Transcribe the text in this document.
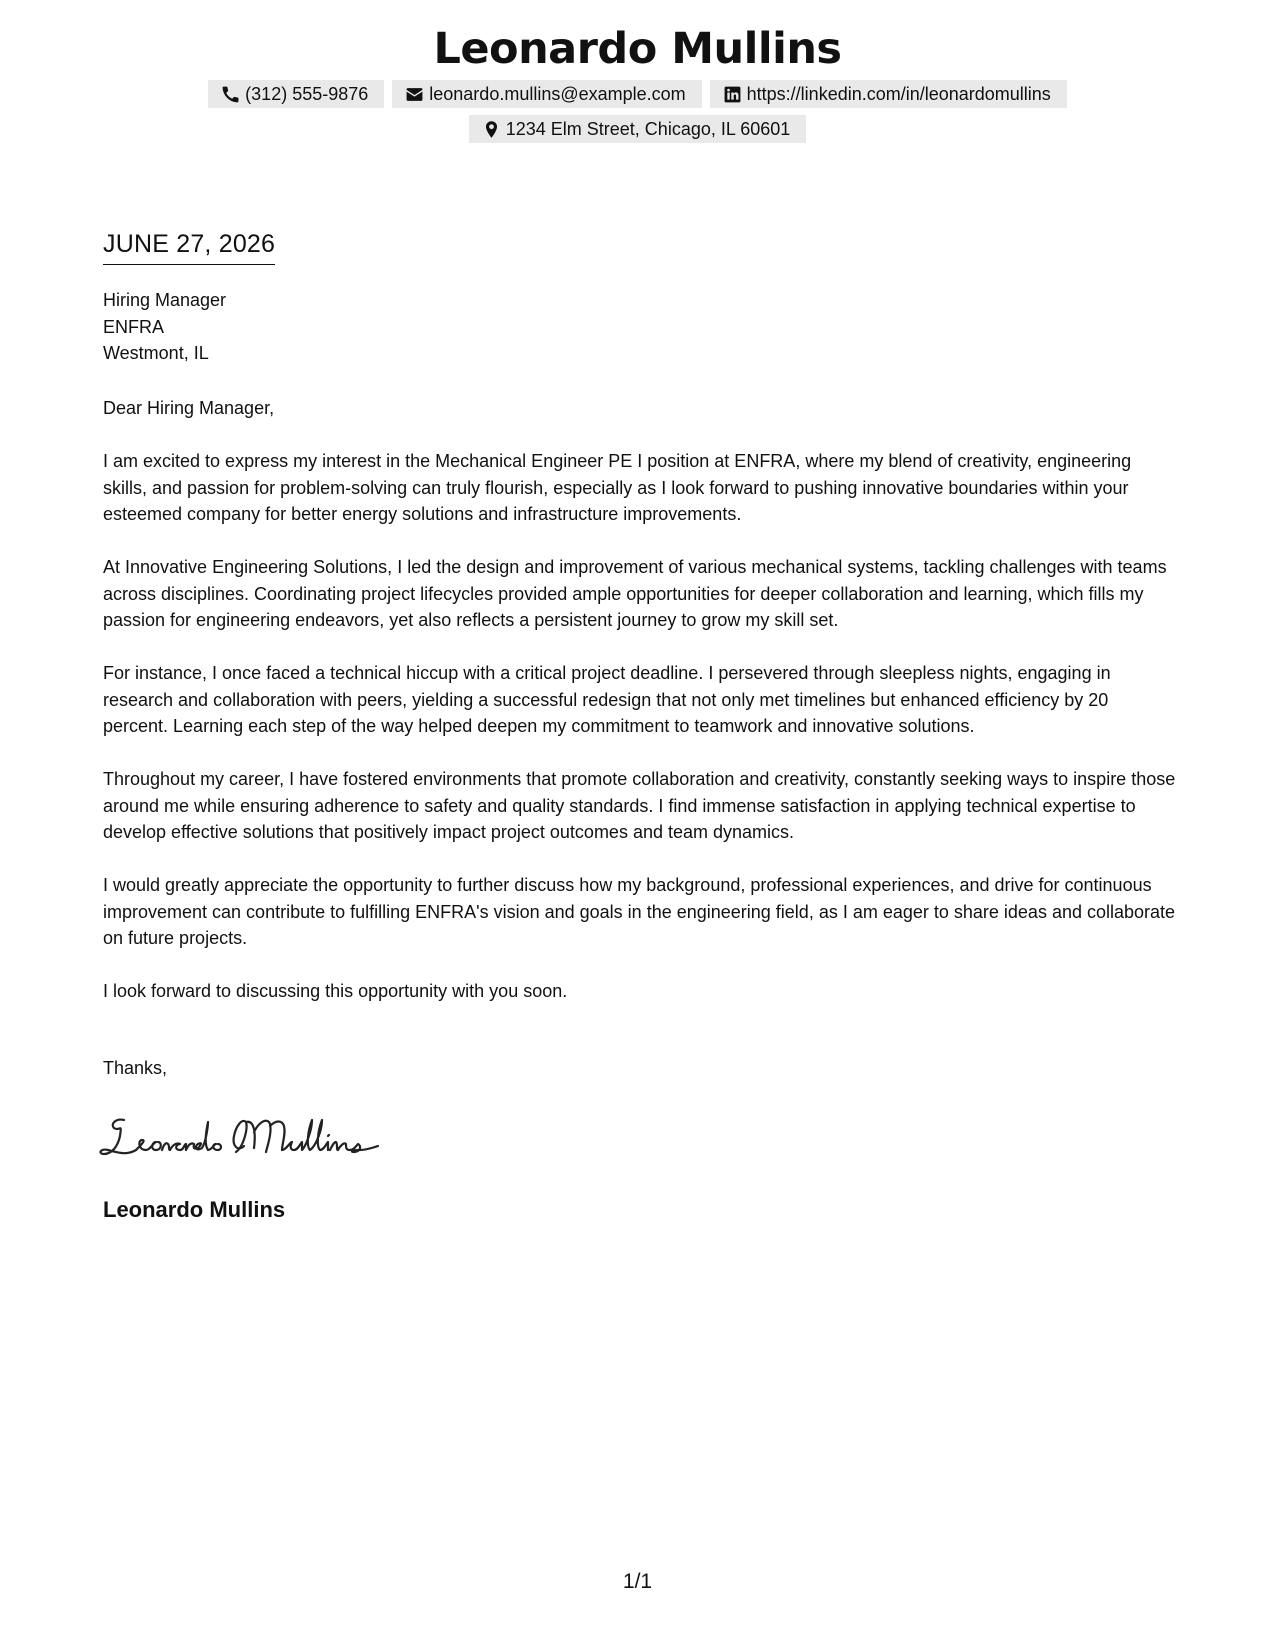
Leonardo Mullins
(312) 555-9876	leonardo.mullins@example.com	https://linkedin.com/in/leonardomullins
1234 Elm Street, Chicago, IL 60601
JUNE 27, 2026
Hiring Manager
ENFRA
Westmont, IL

Dear Hiring Manager,

I am excited to express my interest in the Mechanical Engineer PE I position at ENFRA, where my blend of creativity, engineering skills, and passion for problem-solving can truly flourish, especially as I look forward to pushing innovative boundaries within your esteemed company for better energy solutions and infrastructure improvements.

At Innovative Engineering Solutions, I led the design and improvement of various mechanical systems, tackling challenges with teams across disciplines. Coordinating project lifecycles provided ample opportunities for deeper collaboration and learning, which fills my passion for engineering endeavors, yet also reflects a persistent journey to grow my skill set.

For instance, I once faced a technical hiccup with a critical project deadline. I persevered through sleepless nights, engaging in research and collaboration with peers, yielding a successful redesign that not only met timelines but enhanced efficiency by 20 percent. Learning each step of the way helped deepen my commitment to teamwork and innovative solutions.

Throughout my career, I have fostered environments that promote collaboration and creativity, constantly seeking ways to inspire those around me while ensuring adherence to safety and quality standards. I find immense satisfaction in applying technical expertise to develop effective solutions that positively impact project outcomes and team dynamics.

I would greatly appreciate the opportunity to further discuss how my background, professional experiences, and drive for continuous improvement can contribute to fulfilling ENFRA's vision and goals in the engineering field, as I am eager to share ideas and collaborate on future projects.

I look forward to discussing this opportunity with you soon.

Thanks,
Leonardo Mullins
1/1
